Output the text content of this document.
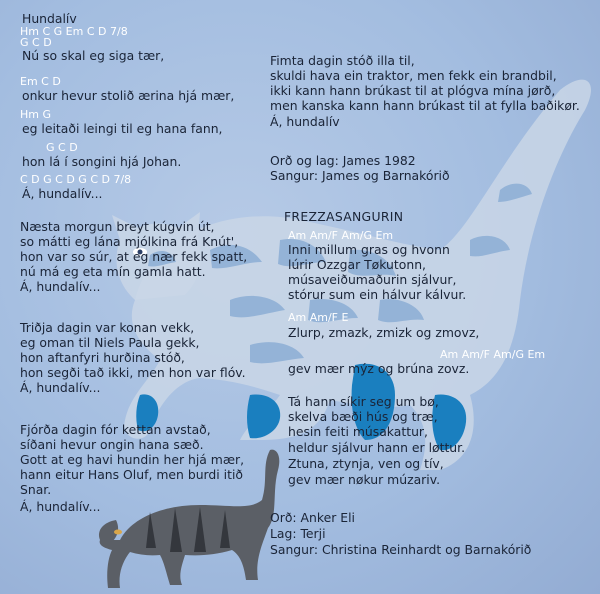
Hundalív
Hm C G Em C D 7/8
G C D
Nú so skal eg siga tær,
Em C D
onkur hevur stolið ærina hjá mær,
Hm G
eg leitaði leingi til eg hana fann,
G C D
hon lá í songini hjá Johan.
C D G C D G C D 7/8
Á, hundalív...
Næsta morgun breyt kúgvin út,
so mátti eg lána mjólkina frá Knút',
hon var so súr, at eg nær fekk spatt,
nú má eg eta mín gamla hatt.
Á, hundalív...
Triðja dagin var konan vekk,
eg oman til Niels Paula gekk,
hon aftanfyri hurðina stóð,
hon segði tað ikki, men hon var flóv.
Á, hundalív...
Fjórða dagin fór kettan avstað,
síðani hevur ongin hana sæð.
Gott at eg havi hundin her hjá mær,
hann eitur Hans Oluf, men burdi itið
Snar.
Á, hundalív...
Fimta dagin stóð illa til,
skuldi hava ein traktor, men fekk ein brandbil,
ikki kann hann brúkast til at plógva mína jørð,
men kanska kann hann brúkast til at fylla baðikør.
Á, hundalív
Orð og lag: James 1982
Sangur: James og Barnakórið
FREZZASANGURIN
Am Am/F Am/G Em
Inni millum gras og hvonn
lúrir Ozzgar Tøkutonn,
músaveiðumaðurin sjálvur,
stórur sum ein hálvur kálvur.
Am Am/F E
Zlurp, zmazk, zmizk og zmovz,
Am Am/F Am/G Em
gev mær mýz og brúna zovz.
Tá hann síkir seg um bø,
skelva bæði hús og træ,
hesin feiti músakattur,
heldur sjálvur hann er løttur.
Ztuna, ztynja, ven og tív,
gev mær nøkur múzariv.
Orð: Anker Eli
Lag: Terji
Sangur: Christina Reinhardt og Barnakórið
